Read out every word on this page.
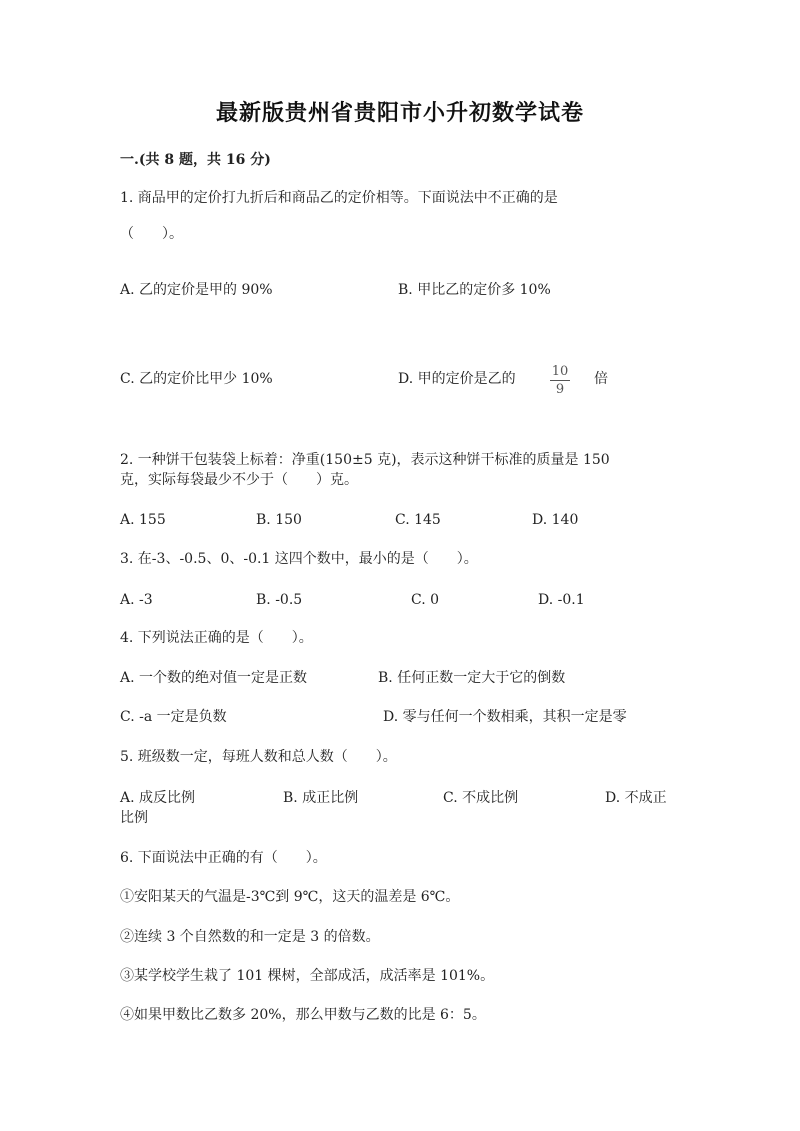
最新版贵州省贵阳市小升初数学试卷
一.(共 8 题，共 16 分)
1. 商品甲的定价打九折后和商品乙的定价相等。下面说法中不正确的是
（　　）。
A. 乙的定价是甲的 90%	B. 甲比乙的定价多 10%
C. 乙的定价比甲少 10%	D. 甲的定价是乙的	10
9
倍
2. 一种饼干包装袋上标着：净重(150±5 克)，表示这种饼干标准的质量是 150
克，实际每袋最少不少于（　　）克。
A. 155	B. 150	C. 145	D. 140
3. 在-3、-0.5、0、-0.1 这四个数中，最小的是（　　）。
A. -3	B. -0.5	C. 0	D. -0.1
4. 下列说法正确的是（　　）。
A. 一个数的绝对值一定是正数	B. 任何正数一定大于它的倒数
C. -a 一定是负数	D. 零与任何一个数相乘，其积一定是零
5. 班级数一定，每班人数和总人数（　　）。
A. 成反比例	B. 成正比例	C. 不成比例	D. 不成正
比例
6. 下面说法中正确的有（　　）。
①安阳某天的气温是-3℃到 9℃，这天的温差是 6℃。
②连续 3 个自然数的和一定是 3 的倍数。
③某学校学生栽了 101 棵树，全部成活，成活率是 101%。
④如果甲数比乙数多 20%，那么甲数与乙数的比是 6：5。
